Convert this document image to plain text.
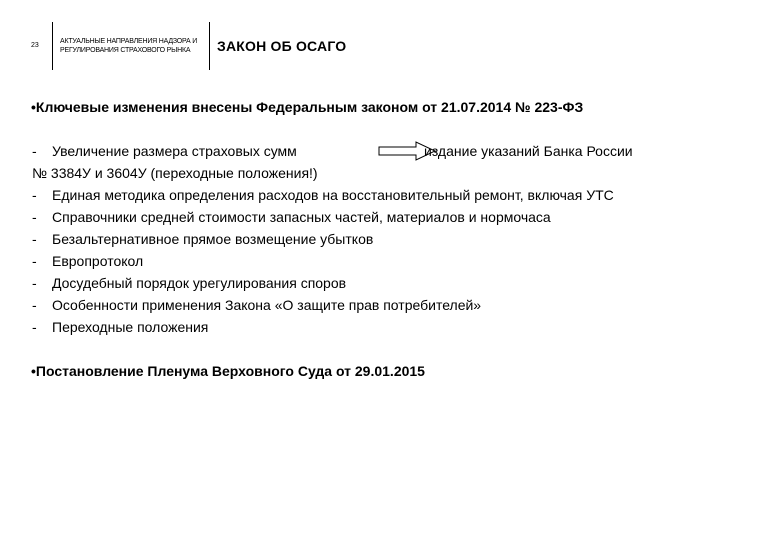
23
АКТУАЛЬНЫЕ НАПРАВЛЕНИЯ НАДЗОРА И
РЕГУЛИРОВАНИЯ СТРАХОВОГО РЫНКА	ЗАКОН ОБ ОСАГО
•Ключевые изменения внесены Федеральным законом от 21.07.2014 № 223-ФЗ
- Увеличение размера страховых сумм	издание указаний Банка России
№ 3384У и 3604У (переходные положения!)
- Единая методика определения расходов на восстановительный ремонт, включая УТС
- Справочники средней стоимости запасных частей, материалов и нормочаса
- Безальтернативное прямое возмещение убытков
- Европротокол
- Досудебный порядок урегулирования споров
- Особенности применения Закона «О защите прав потребителей»
- Переходные положения
•Постановление Пленума Верховного Суда от 29.01.2015
